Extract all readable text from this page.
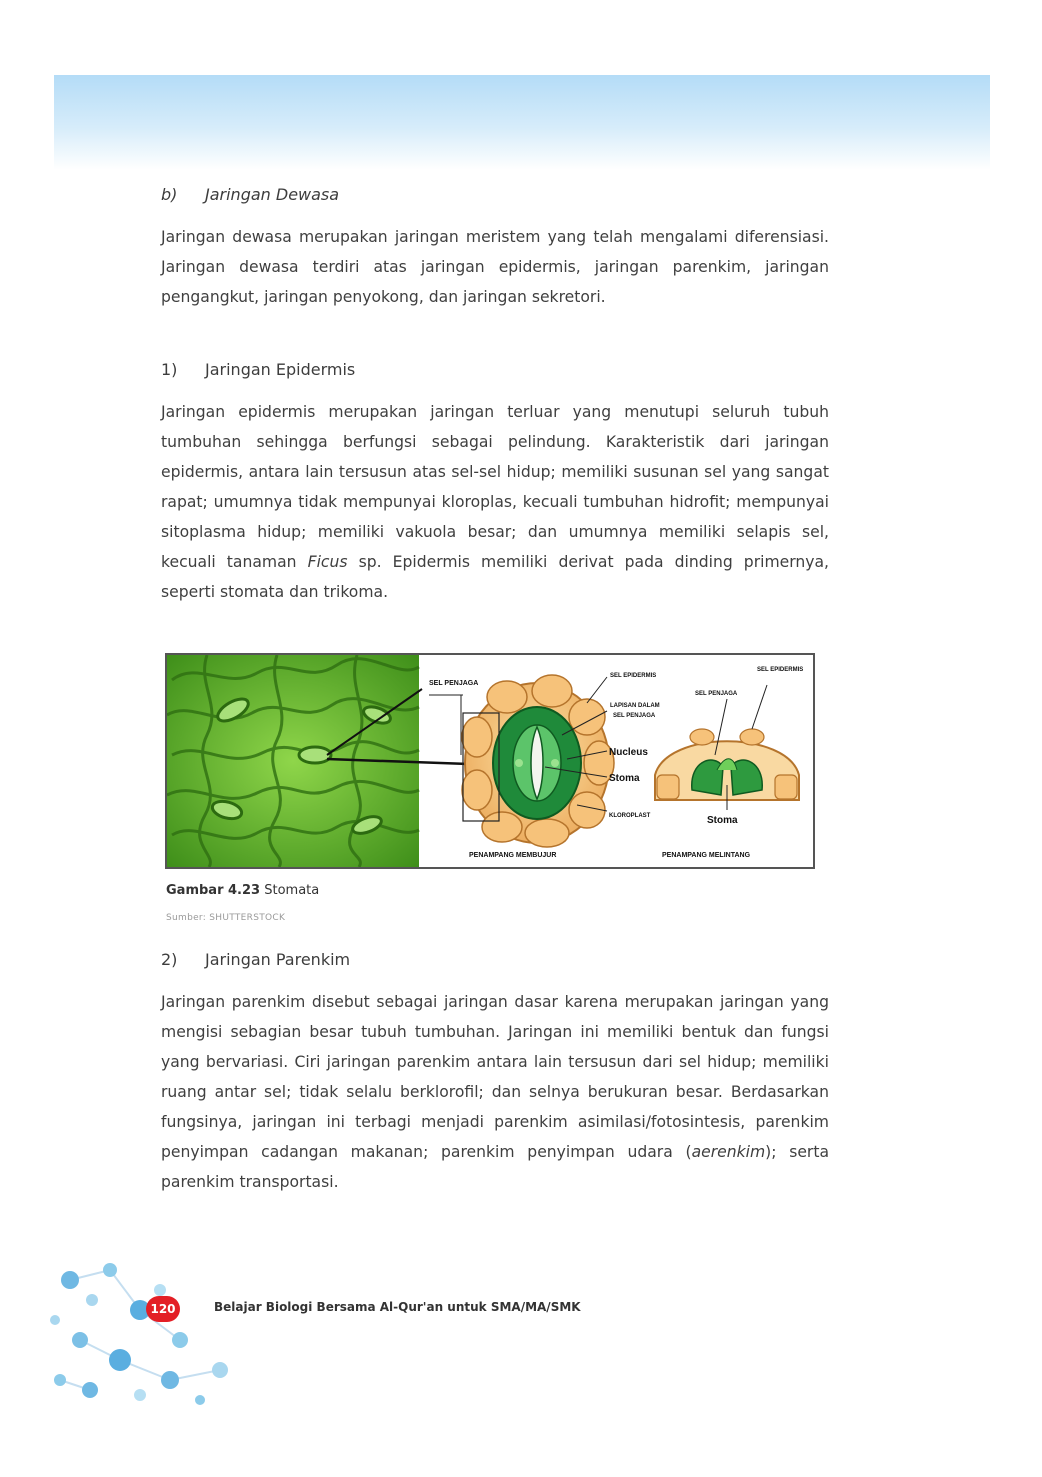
b) Jaringan Dewasa

Jaringan dewasa merupakan jaringan meristem yang telah mengalami diferensiasi. Jaringan dewasa terdiri atas jaringan epidermis, jaringan parenkim, jaringan pengangkut, jaringan penyokong, dan jaringan sekretori.

1) Jaringan Epidermis

Jaringan epidermis merupakan jaringan terluar yang menutupi seluruh tubuh tumbuhan sehingga berfungsi sebagai pelindung. Karakteristik dari jaringan epidermis, antara lain tersusun atas sel-sel hidup; memiliki susunan sel yang sangat rapat; umumnya tidak mempunyai kloroplas, kecuali tumbuhan hidrofit; mempunyai sitoplasma hidup; memiliki vakuola besar; dan umumnya memiliki selapis sel, kecuali tanaman Ficus sp. Epidermis memiliki derivat pada dinding primernya, seperti stomata dan trikoma.

SEL PENJAGA
SEL EPIDERMIS
LAPISAN DALAM
SEL PENJAGA
Nucleus
Stoma
KLOROPLAST
SEL EPIDERMIS
SEL PENJAGA
Stoma
PENAMPANG MEMBUJUR	PENAMPANG MELINTANG
Gambar 4.23 Stomata
Sumber: SHUTTERSTOCK
2) Jaringan Parenkim

Jaringan parenkim disebut sebagai jaringan dasar karena merupakan jaringan yang mengisi sebagian besar tubuh tumbuhan. Jaringan ini memiliki bentuk dan fungsi yang bervariasi. Ciri jaringan parenkim antara lain tersusun dari sel hidup; memiliki ruang antar sel; tidak selalu berklorofil; dan selnya berukuran besar. Berdasarkan fungsinya, jaringan ini terbagi menjadi parenkim asimilasi/fotosintesis, parenkim penyimpan cadangan makanan; parenkim penyimpan udara (aerenkim); serta parenkim transportasi.

120	Belajar Biologi Bersama Al-Qur'an untuk SMA/MA/SMK
